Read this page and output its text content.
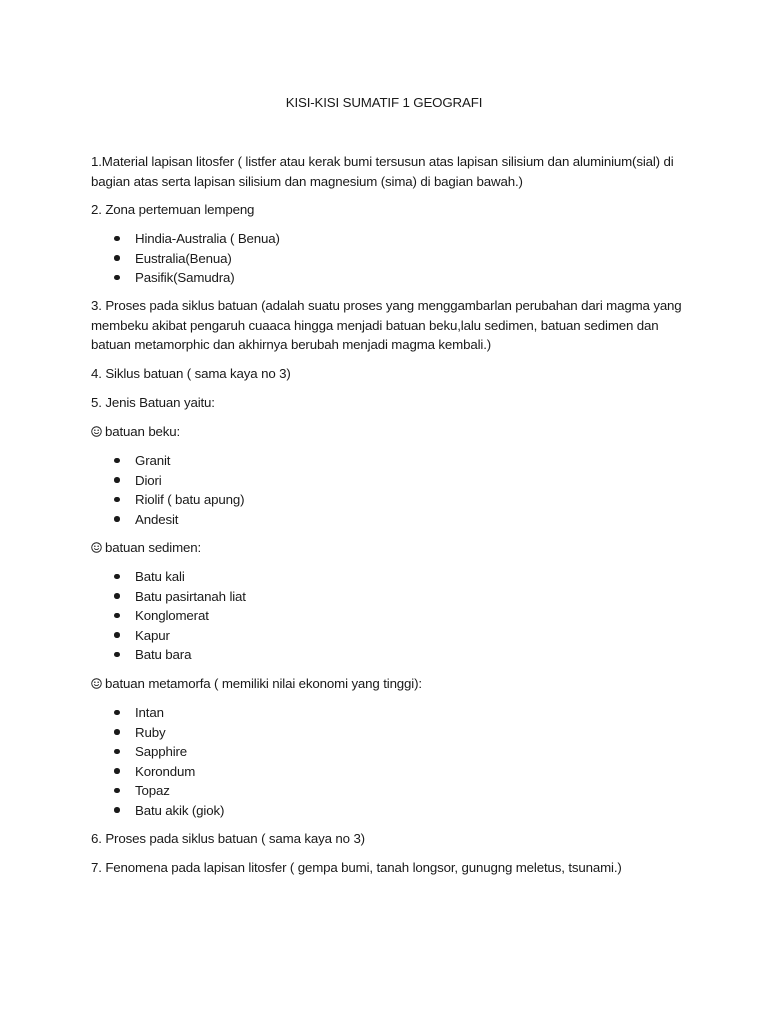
KISI-KISI SUMATIF 1 GEOGRAFI

1.Material lapisan litosfer ( listfer atau kerak bumi tersusun atas lapisan silisium dan aluminium(sial) di

bagian atas serta lapisan silisium dan magnesium (sima) di bagian bawah.)

2. Zona pertemuan lempeng

Hindia-Australia ( Benua)
Eustralia(Benua)
Pasifik(Samudra)

3. Proses pada siklus batuan (adalah suatu proses yang menggambarlan perubahan dari magma yang

membeku akibat pengaruh cuaaca hingga menjadi batuan beku,lalu sedimen, batuan sedimen dan

batuan metamorphic dan akhirnya berubah menjadi magma kembali.)

4. Siklus batuan ( sama kaya no 3)

5. Jenis Batuan yaitu:

batuan beku:

Granit
Diori
Riolif ( batu apung)
Andesit

batuan sedimen:

Batu kali
Batu pasirtanah liat
Konglomerat
Kapur
Batu bara

batuan metamorfa ( memiliki nilai ekonomi yang tinggi):

Intan
Ruby
Sapphire
Korondum
Topaz
Batu akik (giok)

6. Proses pada siklus batuan ( sama kaya no 3)

7. Fenomena pada lapisan litosfer ( gempa bumi, tanah longsor, gunugng meletus, tsunami.)
